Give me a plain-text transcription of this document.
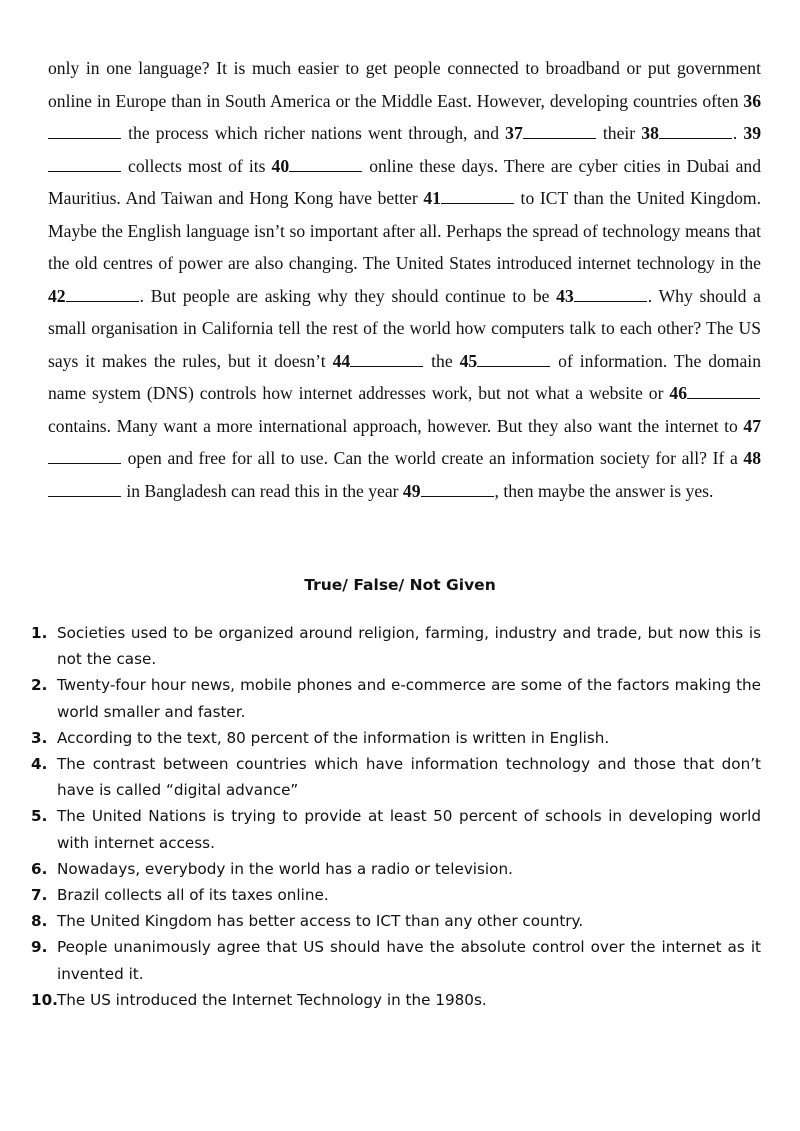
only in one language? It is much easier to get people connected to broadband or put government online in Europe than in South America or the Middle East. However, developing countries often 36 the process which richer nations went through, and 37	their 38	. 39 collects most of its 40	online these days. There are cyber cities in Dubai and Mauritius. And Taiwan and Hong Kong have better 41	to ICT than the United Kingdom. Maybe the English language isn’t so important after all. Perhaps the spread of technology means that the old centres of power are also changing. The United States introduced internet technology in the 42	. But people are asking why they should continue to be 43	. Why should a small organisation in California tell the rest of the world how computers talk to each other? The US says it makes the rules, but it doesn’t 44	the 45	of information. The domain name system (DNS) controls how internet addresses work, but not what a website or 46 contains. Many want a more international approach, however. But they also want the internet to 47 open and free for all to use. Can the world create an information society for all? If a 48 in Bangladesh can read this in the year 49	, then maybe the answer is yes.
True/ False/ Not Given
1. Societies used to be organized around religion, farming, industry and trade, but now this is not the case.
2. Twenty-four hour news, mobile phones and e-commerce are some of the factors making the world smaller and faster.
3. According to the text, 80 percent of the information is written in English.
4. The contrast between countries which have information technology and those that don’t have is called “digital advance”
5. The United Nations is trying to provide at least 50 percent of schools in developing world with internet access.
6. Nowadays, everybody in the world has a radio or television.
7. Brazil collects all of its taxes online.
8. The United Kingdom has better access to ICT than any other country.
9. People unanimously agree that US should have the absolute control over the internet as it invented it.
10. The US introduced the Internet Technology in the 1980s.
